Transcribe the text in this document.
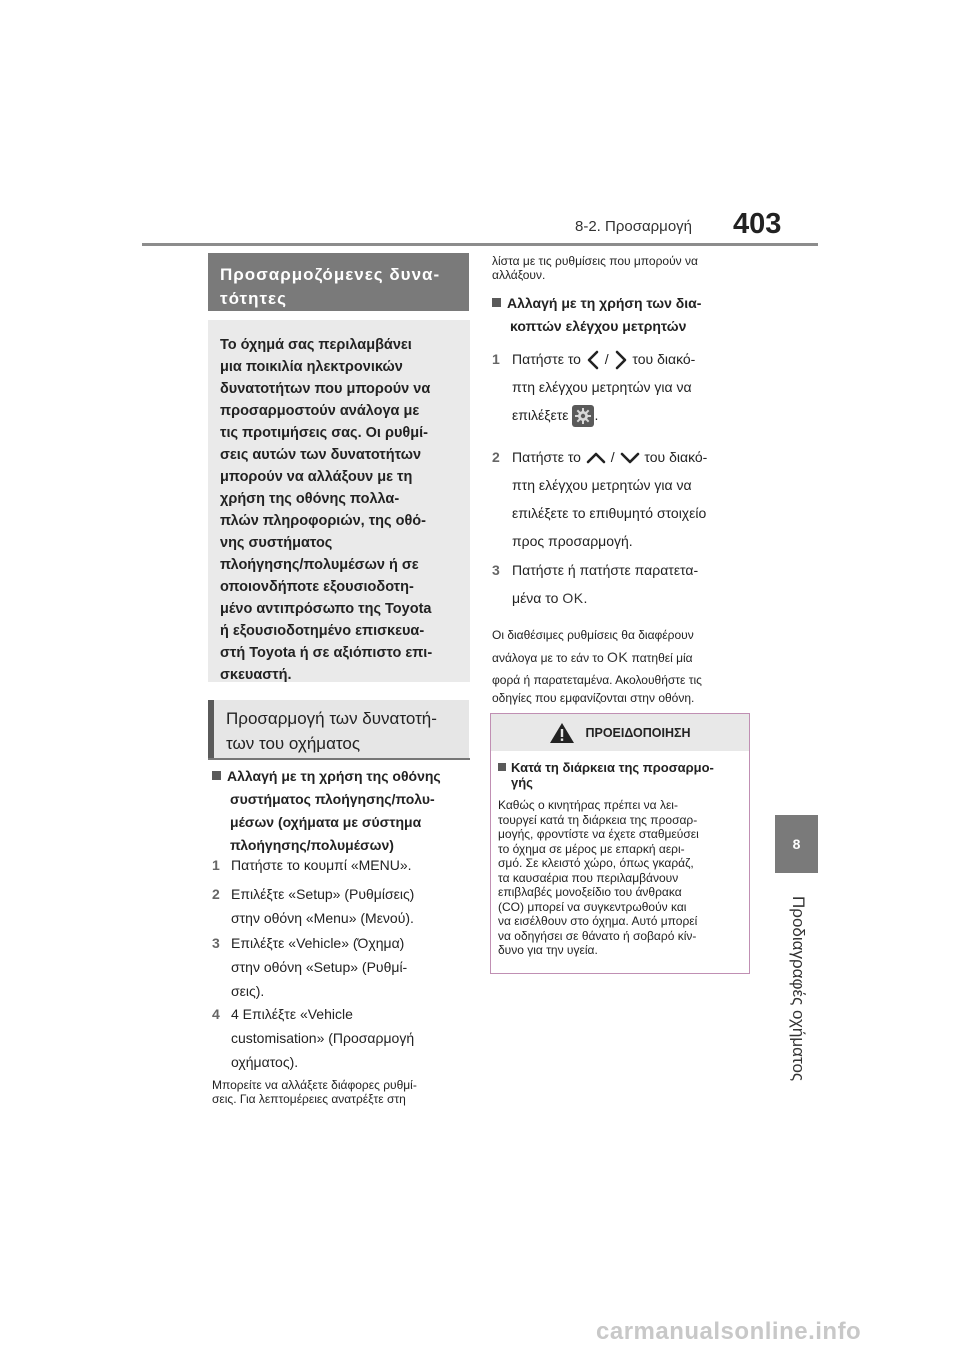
8-2. Προσαρμογή 403
8
Προδιαγραφές οχήματος
Προσαρμοζόμενες δυνα-
τότητες
Το όχημά σας περιλαμβάνει
μια ποικιλία ηλεκτρονικών
δυνατοτήτων που μπορούν να
προσαρμοστούν ανάλογα με
τις προτιμήσεις σας. Οι ρυθμί-
σεις αυτών των δυνατοτήτων
μπορούν να αλλάξουν με τη
χρήση της οθόνης πολλα-
πλών πληροφοριών, της οθό-
νης συστήματος
πλοήγησης/πολυμέσων ή σε
οποιονδήποτε εξουσιοδοτη-
μένο αντιπρόσωπο της Toyota
ή εξουσιοδοτημένο επισκευα-
στή Toyota ή σε αξιόπιστο επι-
σκευαστή.
Προσαρμογή των δυνατοτή-
των του οχήματος
Αλλαγή με τη χρήση της οθόνης
συστήματος πλοήγησης/πολυ-
μέσων (οχήματα με σύστημα
πλοήγησης/πολυμέσων)
1 Πατήστε το κουμπί «MENU».
2 Επιλέξτε «Setup» (Ρυθμίσεις)
στην οθόνη «Menu» (Μενού).
3 Επιλέξτε «Vehicle» (Όχημα)
στην οθόνη «Setup» (Ρυθμί-
σεις).
4 4 Επιλέξτε «Vehicle
customisation» (Προσαρμογή
οχήματος).
Μπορείτε να αλλάξετε διάφορες ρυθμί-
σεις. Για λεπτομέρειες ανατρέξτε στη
λίστα με τις ρυθμίσεις που μπορούν να
αλλάξουν.
Αλλαγή με τη χρήση των δια-
κοπτών ελέγχου μετρητών
1 Πατήστε το / του διακό-
πτη ελέγχου μετρητών για να
επιλέξετε .
2 Πατήστε το / του διακό-
πτη ελέγχου μετρητών για να
επιλέξετε το επιθυμητό στοιχείο
προς προσαρμογή.
3 Πατήστε ή πατήστε παρατετα-
μένα το OK.
Οι διαθέσιμες ρυθμίσεις θα διαφέρουν
ανάλογα με το εάν το OK πατηθεί μία
φορά ή παρατεταμένα. Ακολουθήστε τις
οδηγίες που εμφανίζονται στην οθόνη.
ΠΡΟΕΙΔΟΠΟΙΗΣΗ
Κατά τη διάρκεια της προσαρμο-
γής
Καθώς ο κινητήρας πρέπει να λει-
τουργεί κατά τη διάρκεια της προσαρ-
μογής, φροντίστε να έχετε σταθμεύσει
το όχημα σε μέρος με επαρκή αερι-
σμό. Σε κλειστό χώρο, όπως γκαράζ,
τα καυσαέρια που περιλαμβάνουν
επιβλαβές μονοξείδιο του άνθρακα
(CO) μπορεί να συγκεντρωθούν και
να εισέλθουν στο όχημα. Αυτό μπορεί
να οδηγήσει σε θάνατο ή σοβαρό κίν-
δυνο για την υγεία.
carmanualsonline.info
